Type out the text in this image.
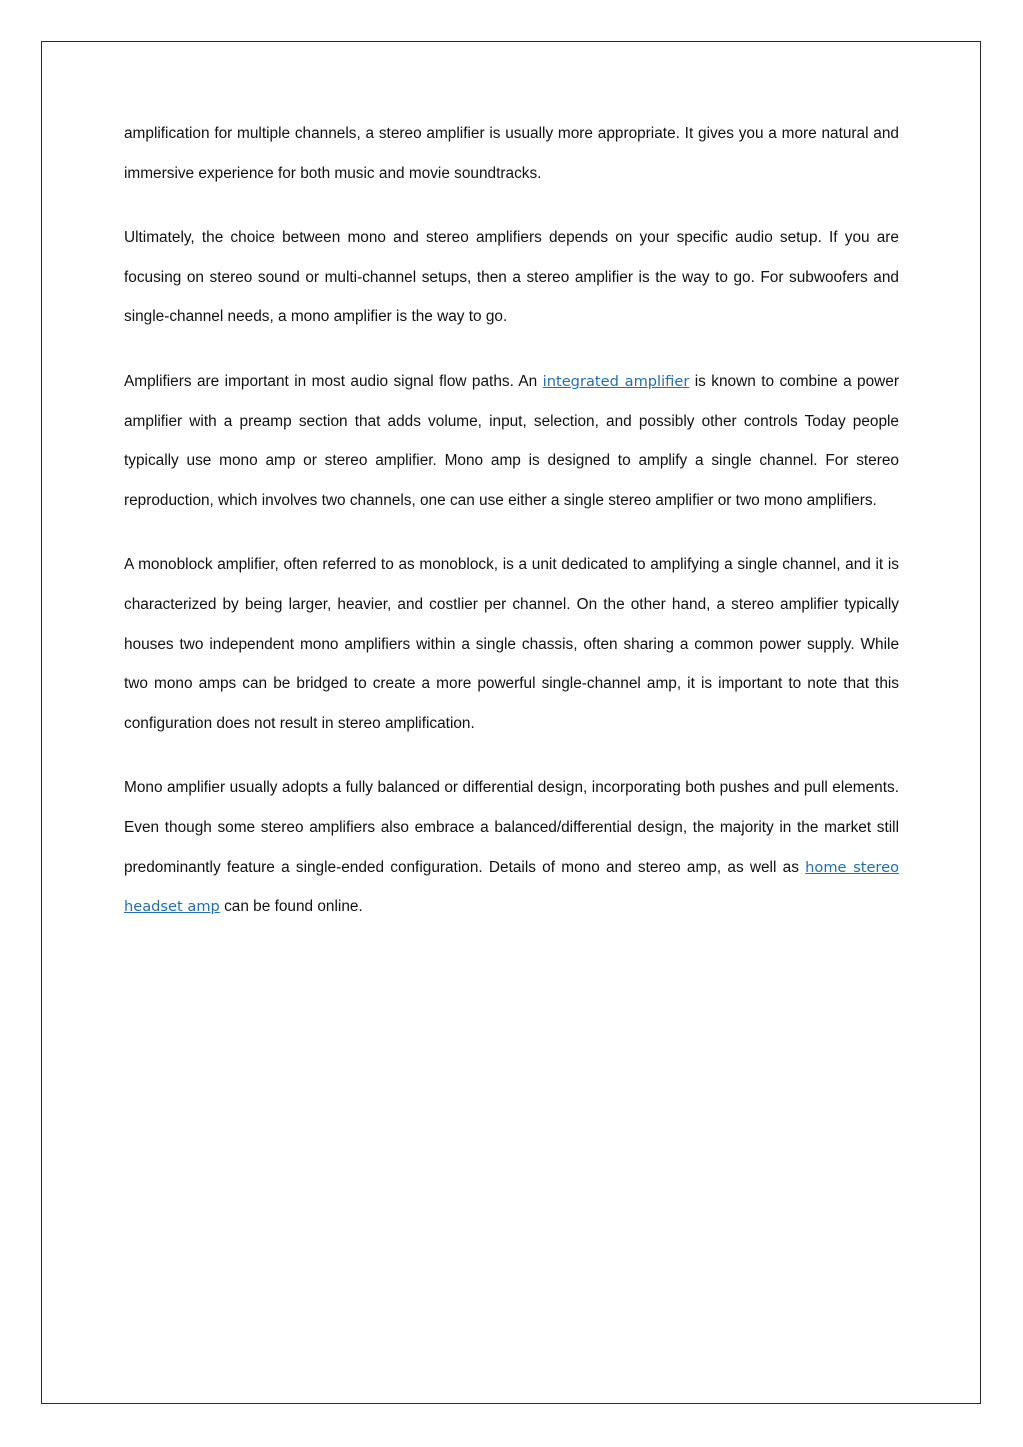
amplification for multiple channels, a stereo amplifier is usually more appropriate. It gives you a more natural and immersive experience for both music and movie soundtracks.

Ultimately, the choice between mono and stereo amplifiers depends on your specific audio setup. If you are focusing on stereo sound or multi-channel setups, then a stereo amplifier is the way to go. For subwoofers and single-channel needs, a mono amplifier is the way to go.

Amplifiers are important in most audio signal flow paths. An integrated amplifier is known to combine a power amplifier with a preamp section that adds volume, input, selection, and possibly other controls Today people typically use mono amp or stereo amplifier. Mono amp is designed to amplify a single channel. For stereo reproduction, which involves two channels, one can use either a single stereo amplifier or two mono amplifiers.

A monoblock amplifier, often referred to as monoblock, is a unit dedicated to amplifying a single channel, and it is characterized by being larger, heavier, and costlier per channel. On the other hand, a stereo amplifier typically houses two independent mono amplifiers within a single chassis, often sharing a common power supply. While two mono amps can be bridged to create a more powerful single-channel amp, it is important to note that this configuration does not result in stereo amplification.

Mono amplifier usually adopts a fully balanced or differential design, incorporating both pushes and pull elements. Even though some stereo amplifiers also embrace a balanced/differential design, the majority in the market still predominantly feature a single-ended configuration. Details of mono and stereo amp, as well as home stereo headset amp can be found online.
